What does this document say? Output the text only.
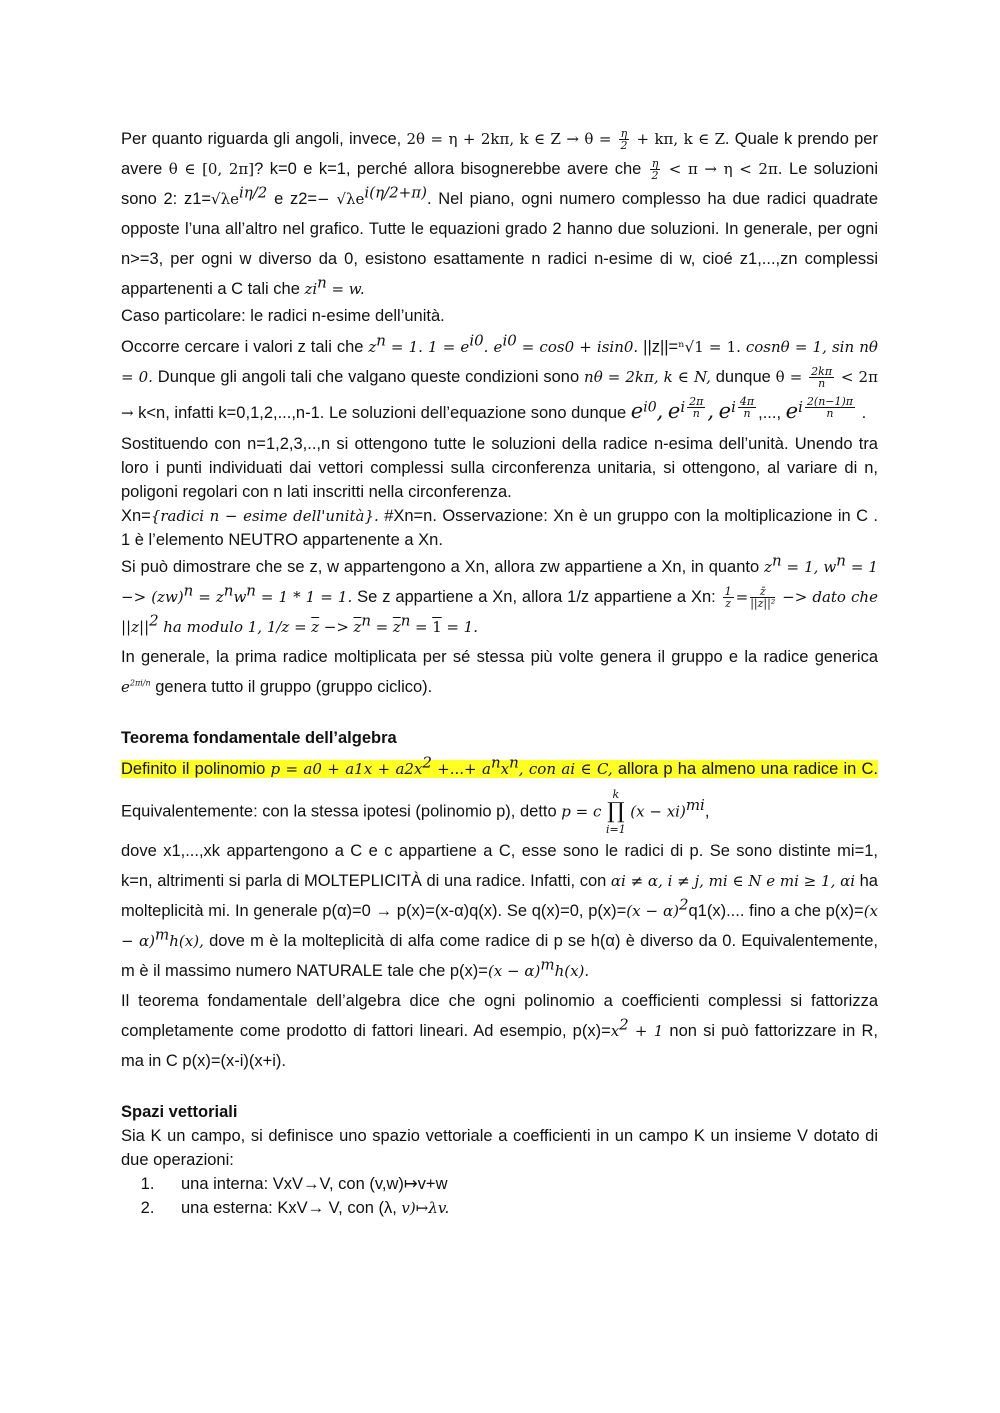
Per quanto riguarda gli angoli, invece, 2θ = η + 2kπ, k ∈ $Z \to \theta = \frac{\eta}{2} + k\pi$, k ∈ Z. Quale k prendo per avere θ ∈ [0, 2π]? k=0 e k=1, perché allora bisognerebbe avere che $\frac{\eta}{2} < \pi \to \eta < 2\pi$. Le soluzioni sono 2: $z1=√\lambda e^{i\eta/2}$ e $z2=- √\lambda e^{i(\eta/2+\pi)}$. Nel piano, ogni numero complesso ha due radici quadrate opposte l’una all’altro nel grafico. Tutte le equazioni grado 2 hanno due soluzioni. In generale, per ogni n>=3, per ogni w diverso da 0, esistono esattamente n radici n-esime di w, cioé z1,...,zn complessi appartenenti a C tali che $zi^n = w$.

Caso particolare: le radici n-esime dell’unità.

Occorre cercare i valori z tali che $z^n = 1$. $1 = e^{i0}$. $e^{i0} = \cos 0 + isin0$. ||z||=ⁿ√1 = 1. cosnθ = 1, sin nθ = 0. Dunque gli angoli tali che valgano queste condizioni sono nθ = 2kπ, k ∈ N, dunque $\theta = \frac{2k\pi}{n} < 2\pi \to k<n$, infatti k=0,1,2,...,n-1. Le soluzioni dell’equazione sono dunque $e^{i0}$, $e^{i \frac{2\pi}{n}}$ , $e^{i \frac{4\pi}{n}}$ ,..., $e^{i \frac{2(n-1)\pi}{n}}$ .

Sostituendo con n=1,2,3,..,n si ottengono tutte le soluzioni della radice n-esima dell’unità. Unendo tra loro i punti individuati dai vettori complessi sulla circonferenza unitaria, si ottengono, al variare di n, poligoni regolari con n lati inscritti nella circonferenza.

Xn={radici n − esime dell'unità}. #Xn=n. Osservazione: Xn è un gruppo con la moltiplicazione in C . 1 è l’elemento NEUTRO appartenente a Xn.

Si può dimostrare che se z, w appartengono a Xn, allora zw appartiene a Xn, in quanto $z^n = 1$, $w^n = 1 -> (zw)^n = z^nw^n = 1 * 1 = 1$. Se z appartiene a Xn, allora 1/z appartiene a Xn: $\frac{1}{z} = \frac{z̄}{\text{||z||²}}$ −> dato che $||z||^2$ ha modulo 1, $1/z = \overline{z} -> \overline{z}^n = \overline{z}^n = 1 = 1$.

In generale, la prima radice moltiplicata per sé stessa più volte genera il gruppo e la radice generica $e^{2\pi i/n}$ genera tutto il gruppo (gruppo ciclico).

Teorema fondamentale dell’algebra

Definito il polinomio $p = a0 + a1x + a2x^2$ +...+ $a^nx^n$, con ai ∈ C, allora p ha almeno una radice in C. Equivalentemente: con la stessa ipotesi (polinomio p), detto p = c
k
∏
i=1
(x − xi)$^{mi}$,

dove x1,...,xk appartengono a C e c appartiene a C, esse sono le radici di p. Se sono distinte mi=1, k=n, altrimenti si parla di MOLTEPLICITÀ di una radice. Infatti, con αi ≠ α, i ≠ j, mi ∈ N e mi ≥ 1, αi ha molteplicità mi. In generale p(α)=0 → p(x)=(x-α)q(x). Se q(x)=0, $p(x)=(x - \alpha)^2q1(x)$.... fino a che $p(x)=(x - \alpha)^mh(x)$, dove m è la molteplicità di alfa come radice di p se h(α) è diverso da 0. Equivalentemente, m è il massimo numero NATURALE tale che $p(x)=(x - \alpha)^mh(x)$.

Il teorema fondamentale dell’algebra dice che ogni polinomio a coefficienti complessi si fattorizza completamente come prodotto di fattori lineari. Ad esempio, $p(x)=x^2 + 1$ non si può fattorizzare in R, ma in C p(x)=(x-i)(x+i).

Spazi vettoriali

Sia K un campo, si definisce uno spazio vettoriale a coefficienti in un campo K un insieme V dotato di due operazioni:

1. una interna: VxV→V, con (v,w)↦v+w
2. una esterna: KxV→ V, con (λ, v)↦λv.
